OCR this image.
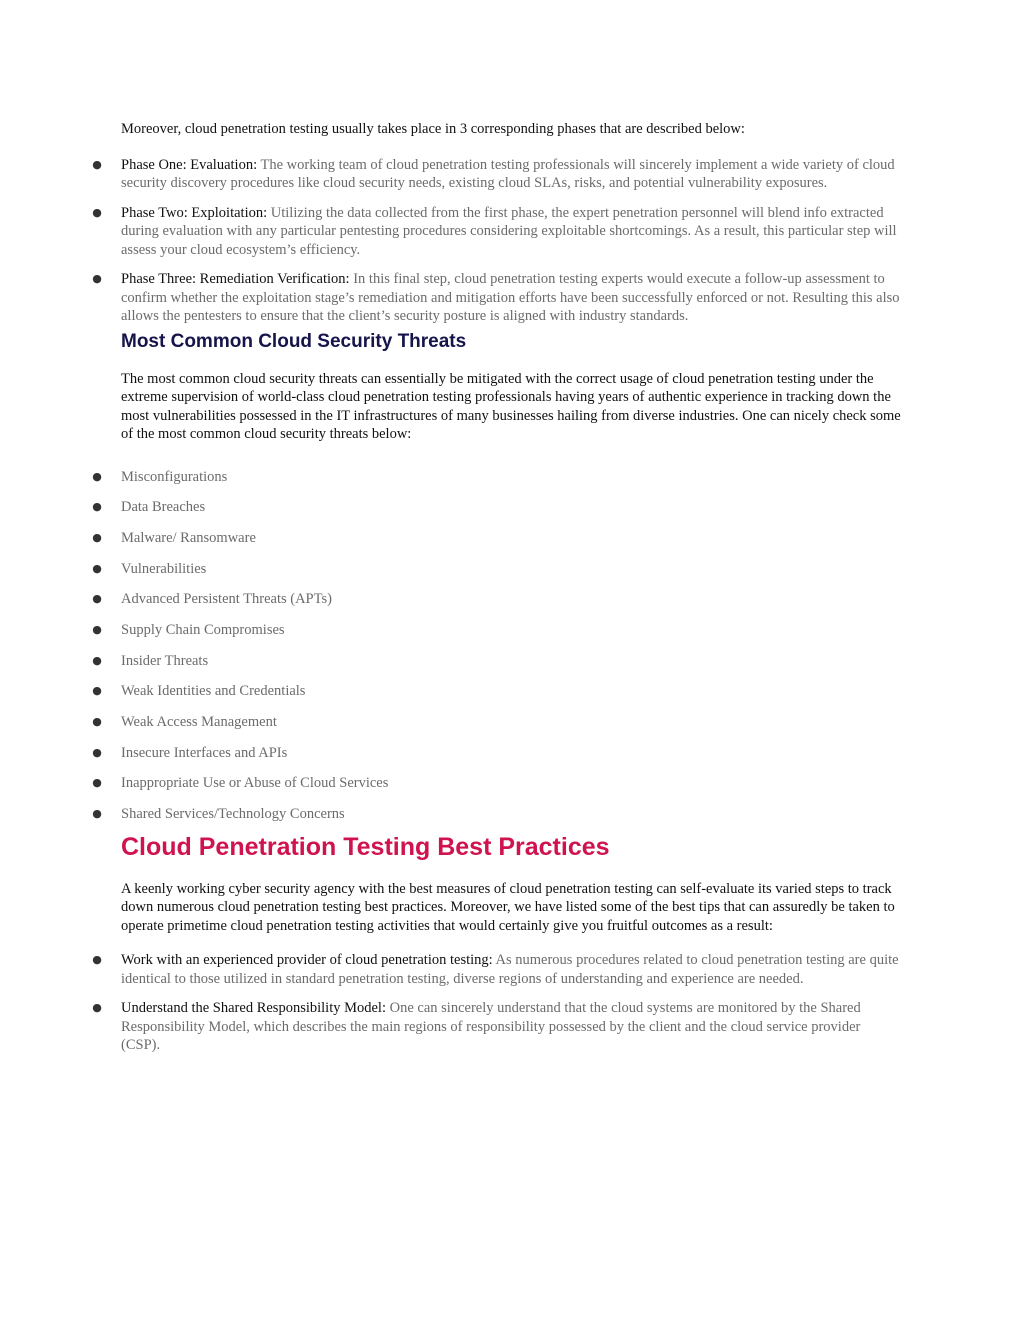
Moreover, cloud penetration testing usually takes place in 3 corresponding phases that are described below:

● Phase One: Evaluation: The working team of cloud penetration testing professionals will sincerely implement a wide variety of cloud security discovery procedures like cloud security needs, existing cloud SLAs, risks, and potential vulnerability exposures.
● Phase Two: Exploitation: Utilizing the data collected from the first phase, the expert penetration personnel will blend info extracted during evaluation with any particular pentesting procedures considering exploitable shortcomings. As a result, this particular step will assess your cloud ecosystem’s efficiency.
● Phase Three: Remediation Verification: In this final step, cloud penetration testing experts would execute a follow-up assessment to confirm whether the exploitation stage’s remediation and mitigation efforts have been successfully enforced or not. Resulting this also allows the pentesters to ensure that the client’s security posture is aligned with industry standards.
Most Common Cloud Security Threats

The most common cloud security threats can essentially be mitigated with the correct usage of cloud penetration testing under the extreme supervision of world-class cloud penetration testing professionals having years of authentic experience in tracking down the most vulnerabilities possessed in the IT infrastructures of many businesses hailing from diverse industries. One can nicely check some of the most common cloud security threats below:

● Misconfigurations
● Data Breaches
● Malware/ Ransomware
● Vulnerabilities
● Advanced Persistent Threats (APTs)
● Supply Chain Compromises
● Insider Threats
● Weak Identities and Credentials
● Weak Access Management
● Insecure Interfaces and APIs
● Inappropriate Use or Abuse of Cloud Services
● Shared Services/Technology Concerns
Cloud Penetration Testing Best Practices

A keenly working cyber security agency with the best measures of cloud penetration testing can self-evaluate its varied steps to track down numerous cloud penetration testing best practices. Moreover, we have listed some of the best tips that can assuredly be taken to operate primetime cloud penetration testing activities that would certainly give you fruitful outcomes as a result:

● Work with an experienced provider of cloud penetration testing: As numerous procedures related to cloud penetration testing are quite identical to those utilized in standard penetration testing, diverse regions of understanding and experience are needed.
● Understand the Shared Responsibility Model: One can sincerely understand that the cloud systems are monitored by the Shared Responsibility Model, which describes the main regions of responsibility possessed by the client and the cloud service provider (CSP).
